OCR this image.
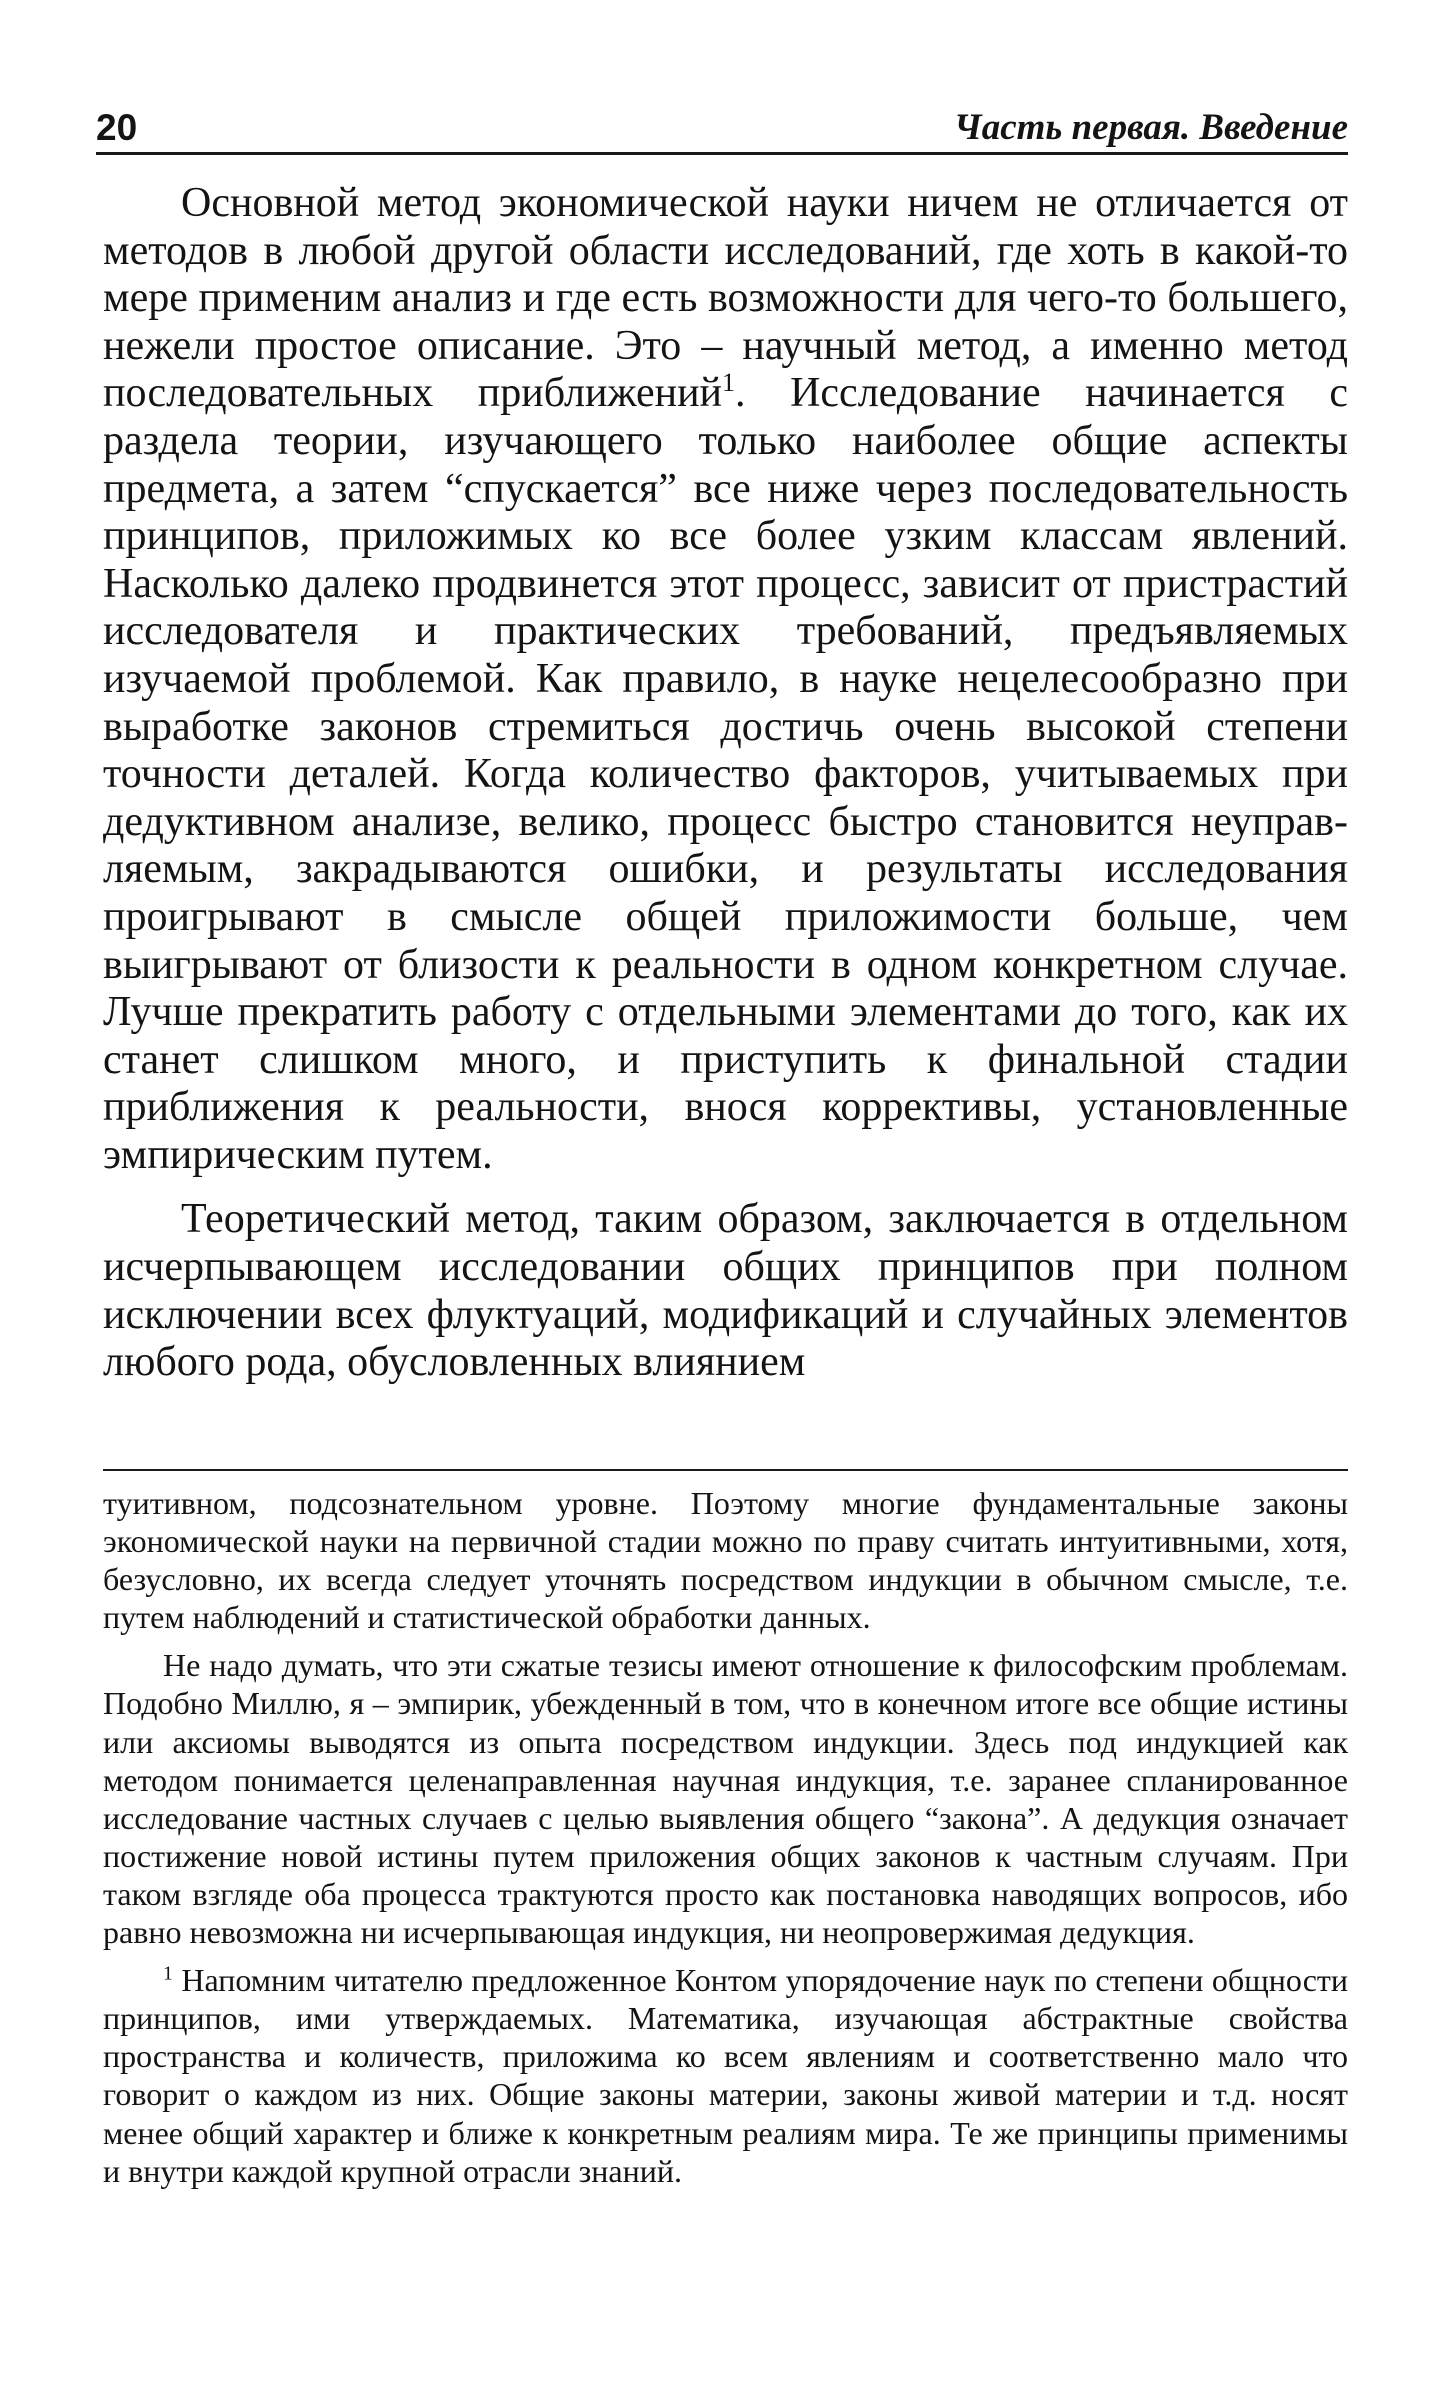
20	Часть первая. Введение

Основной метод экономической науки ничем не отличается от методов в любой другой области исследований, где хоть в какой-то мере применим анализ и где есть возможности для чего-то большего, нежели простое описание. Это – научный метод, а именно метод последовательных приближений$^1$. Исследование начинается с раздела теории, изучающего только наиболее общие аспекты предмета, а затем “спускается” все ниже через последовательность принципов, приложимых ко все более узким классам явлений. Насколько далеко продвинется этот процесс, зависит от пристрастий исследователя и практических требований, предъявляемых изучаемой проблемой. Как правило, в науке нецелесообразно при выработке законов стремиться достичь очень высокой степени точности деталей. Когда количество факторов, учитываемых при дедуктивном анализе, велико, процесс быстро становится неуправляемым, закрадываются ошибки, и результаты исследования проигрывают в смысле общей приложимости больше, чем выигрывают от близости к реальности в одном конкретном случае. Лучше прекратить работу с отдельными элементами до того, как их станет слишком много, и приступить к финальной стадии приближения к реальности, внося коррективы, установленные эмпирическим путем.

Теоретический метод, таким образом, заключается в отдельном исчерпывающем исследовании общих принципов при полном исключении всех флуктуаций, модификаций и случайных элементов любого рода, обусловленных влиянием

туитивном, подсознательном уровне. Поэтому многие фундаментальные законы экономической науки на первичной стадии можно по праву считать интуитивными, хотя, безусловно, их всегда следует уточнять посредством индукции в обычном смысле, т.е. путем наблюдений и статистической обработки данных.

Не надо думать, что эти сжатые тезисы имеют отношение к философским проблемам. Подобно Миллю, я – эмпирик, убежденный в том, что в конечном итоге все общие истины или аксиомы выводятся из опыта посредством индукции. Здесь под индукцией как методом понимается целенаправленная научная индукция, т.е. заранее спланированное исследование частных случаев с целью выявления общего “закона”. А дедукция означает постижение новой истины путем приложения общих законов к частным случаям. При таком взгляде оба процесса трактуются просто как постановка наводящих вопросов, ибо равно невозможна ни исчерпывающая индукция, ни неопровержимая дедукция.

$^1$ Напомним читателю предложенное Контом упорядочение наук по степени общности принципов, ими утверждаемых. Математика, изучающая абстрактные свойства пространства и количеств, приложима ко всем явлениям и соответственно мало что говорит о каждом из них. Общие законы материи, законы живой материи и т.д. носят менее общий характер и ближе к конкретным реалиям мира. Те же принципы применимы и внутри каждой крупной отрасли знаний.
